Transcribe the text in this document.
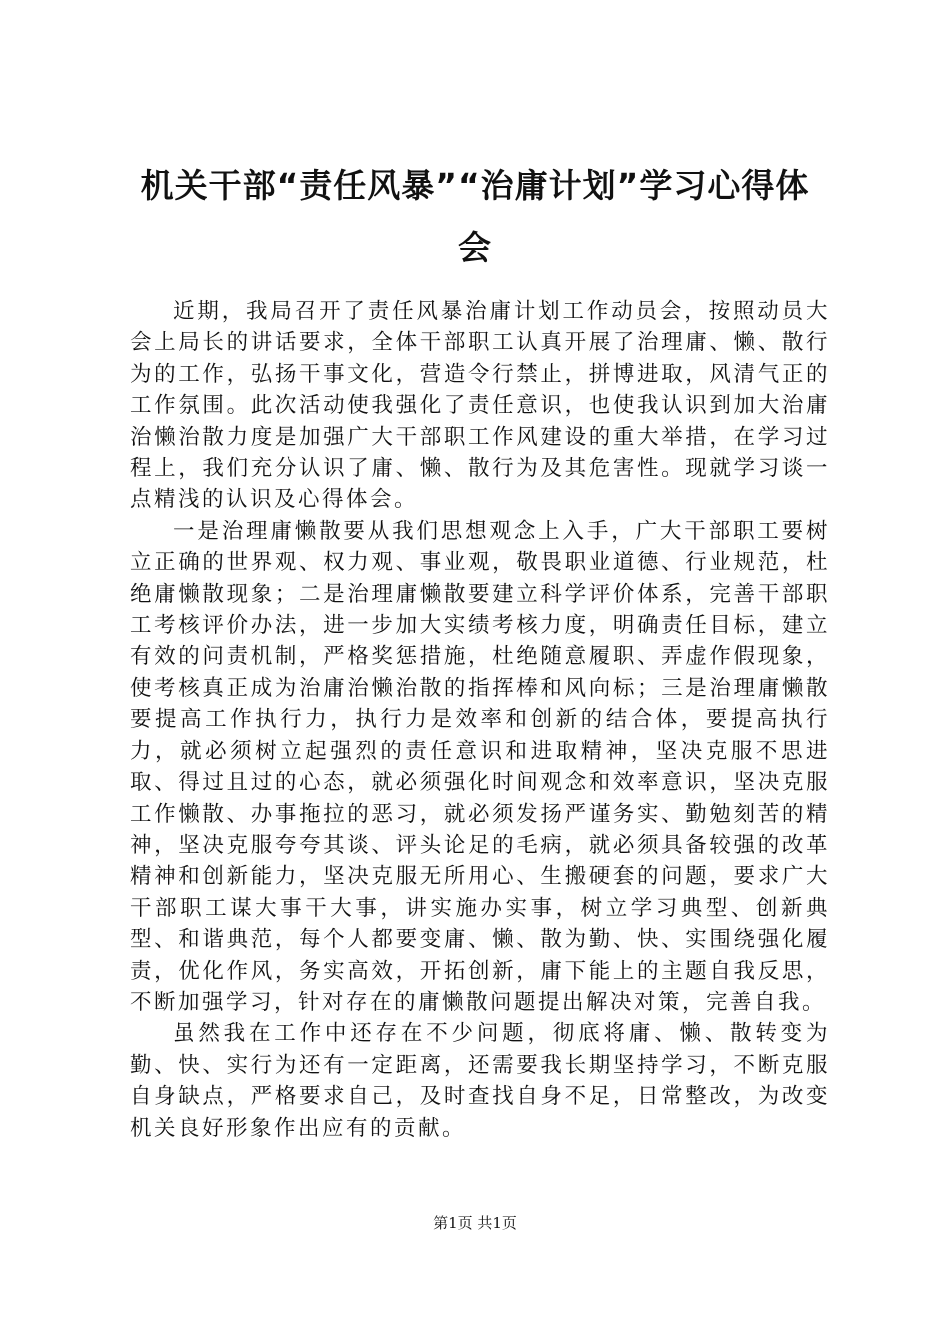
机关干部“责任风暴”“治庸计划”学习心得体会

近期，我局召开了责任风暴治庸计划工作动员会，按照动员大会上局长的讲话要求，全体干部职工认真开展了治理庸、懒、散行为的工作，弘扬干事文化，营造令行禁止，拼博进取，风清气正的工作氛围。此次活动使我强化了责任意识，也使我认识到加大治庸治懒治散力度是加强广大干部职工作风建设的重大举措，在学习过程上，我们充分认识了庸、懒、散行为及其危害性。现就学习谈一点精浅的认识及心得体会。

一是治理庸懒散要从我们思想观念上入手，广大干部职工要树立正确的世界观、权力观、事业观，敬畏职业道德、行业规范，杜绝庸懒散现象；二是治理庸懒散要建立科学评价体系，完善干部职工考核评价办法，进一步加大实绩考核力度，明确责任目标，建立有效的问责机制，严格奖惩措施，杜绝随意履职、弄虚作假现象，使考核真正成为治庸治懒治散的指挥棒和风向标；三是治理庸懒散要提高工作执行力，执行力是效率和创新的结合体，要提高执行力，就必须树立起强烈的责任意识和进取精神，坚决克服不思进取、得过且过的心态，就必须强化时间观念和效率意识，坚决克服工作懒散、办事拖拉的恶习，就必须发扬严谨务实、勤勉刻苦的精神，坚决克服夸夸其谈、评头论足的毛病，就必须具备较强的改革精神和创新能力，坚决克服无所用心、生搬硬套的问题，要求广大干部职工谋大事干大事，讲实施办实事，树立学习典型、创新典型、和谐典范，每个人都要变庸、懒、散为勤、快、实围绕强化履责，优化作风，务实高效，开拓创新，庸下能上的主题自我反思，不断加强学习，针对存在的庸懒散问题提出解决对策，完善自我。

虽然我在工作中还存在不少问题，彻底将庸、懒、散转变为勤、快、实行为还有一定距离，还需要我长期坚持学习，不断克服自身缺点，严格要求自己，及时查找自身不足，日常整改，为改变机关良好形象作出应有的贡献。

第1页 共1页
